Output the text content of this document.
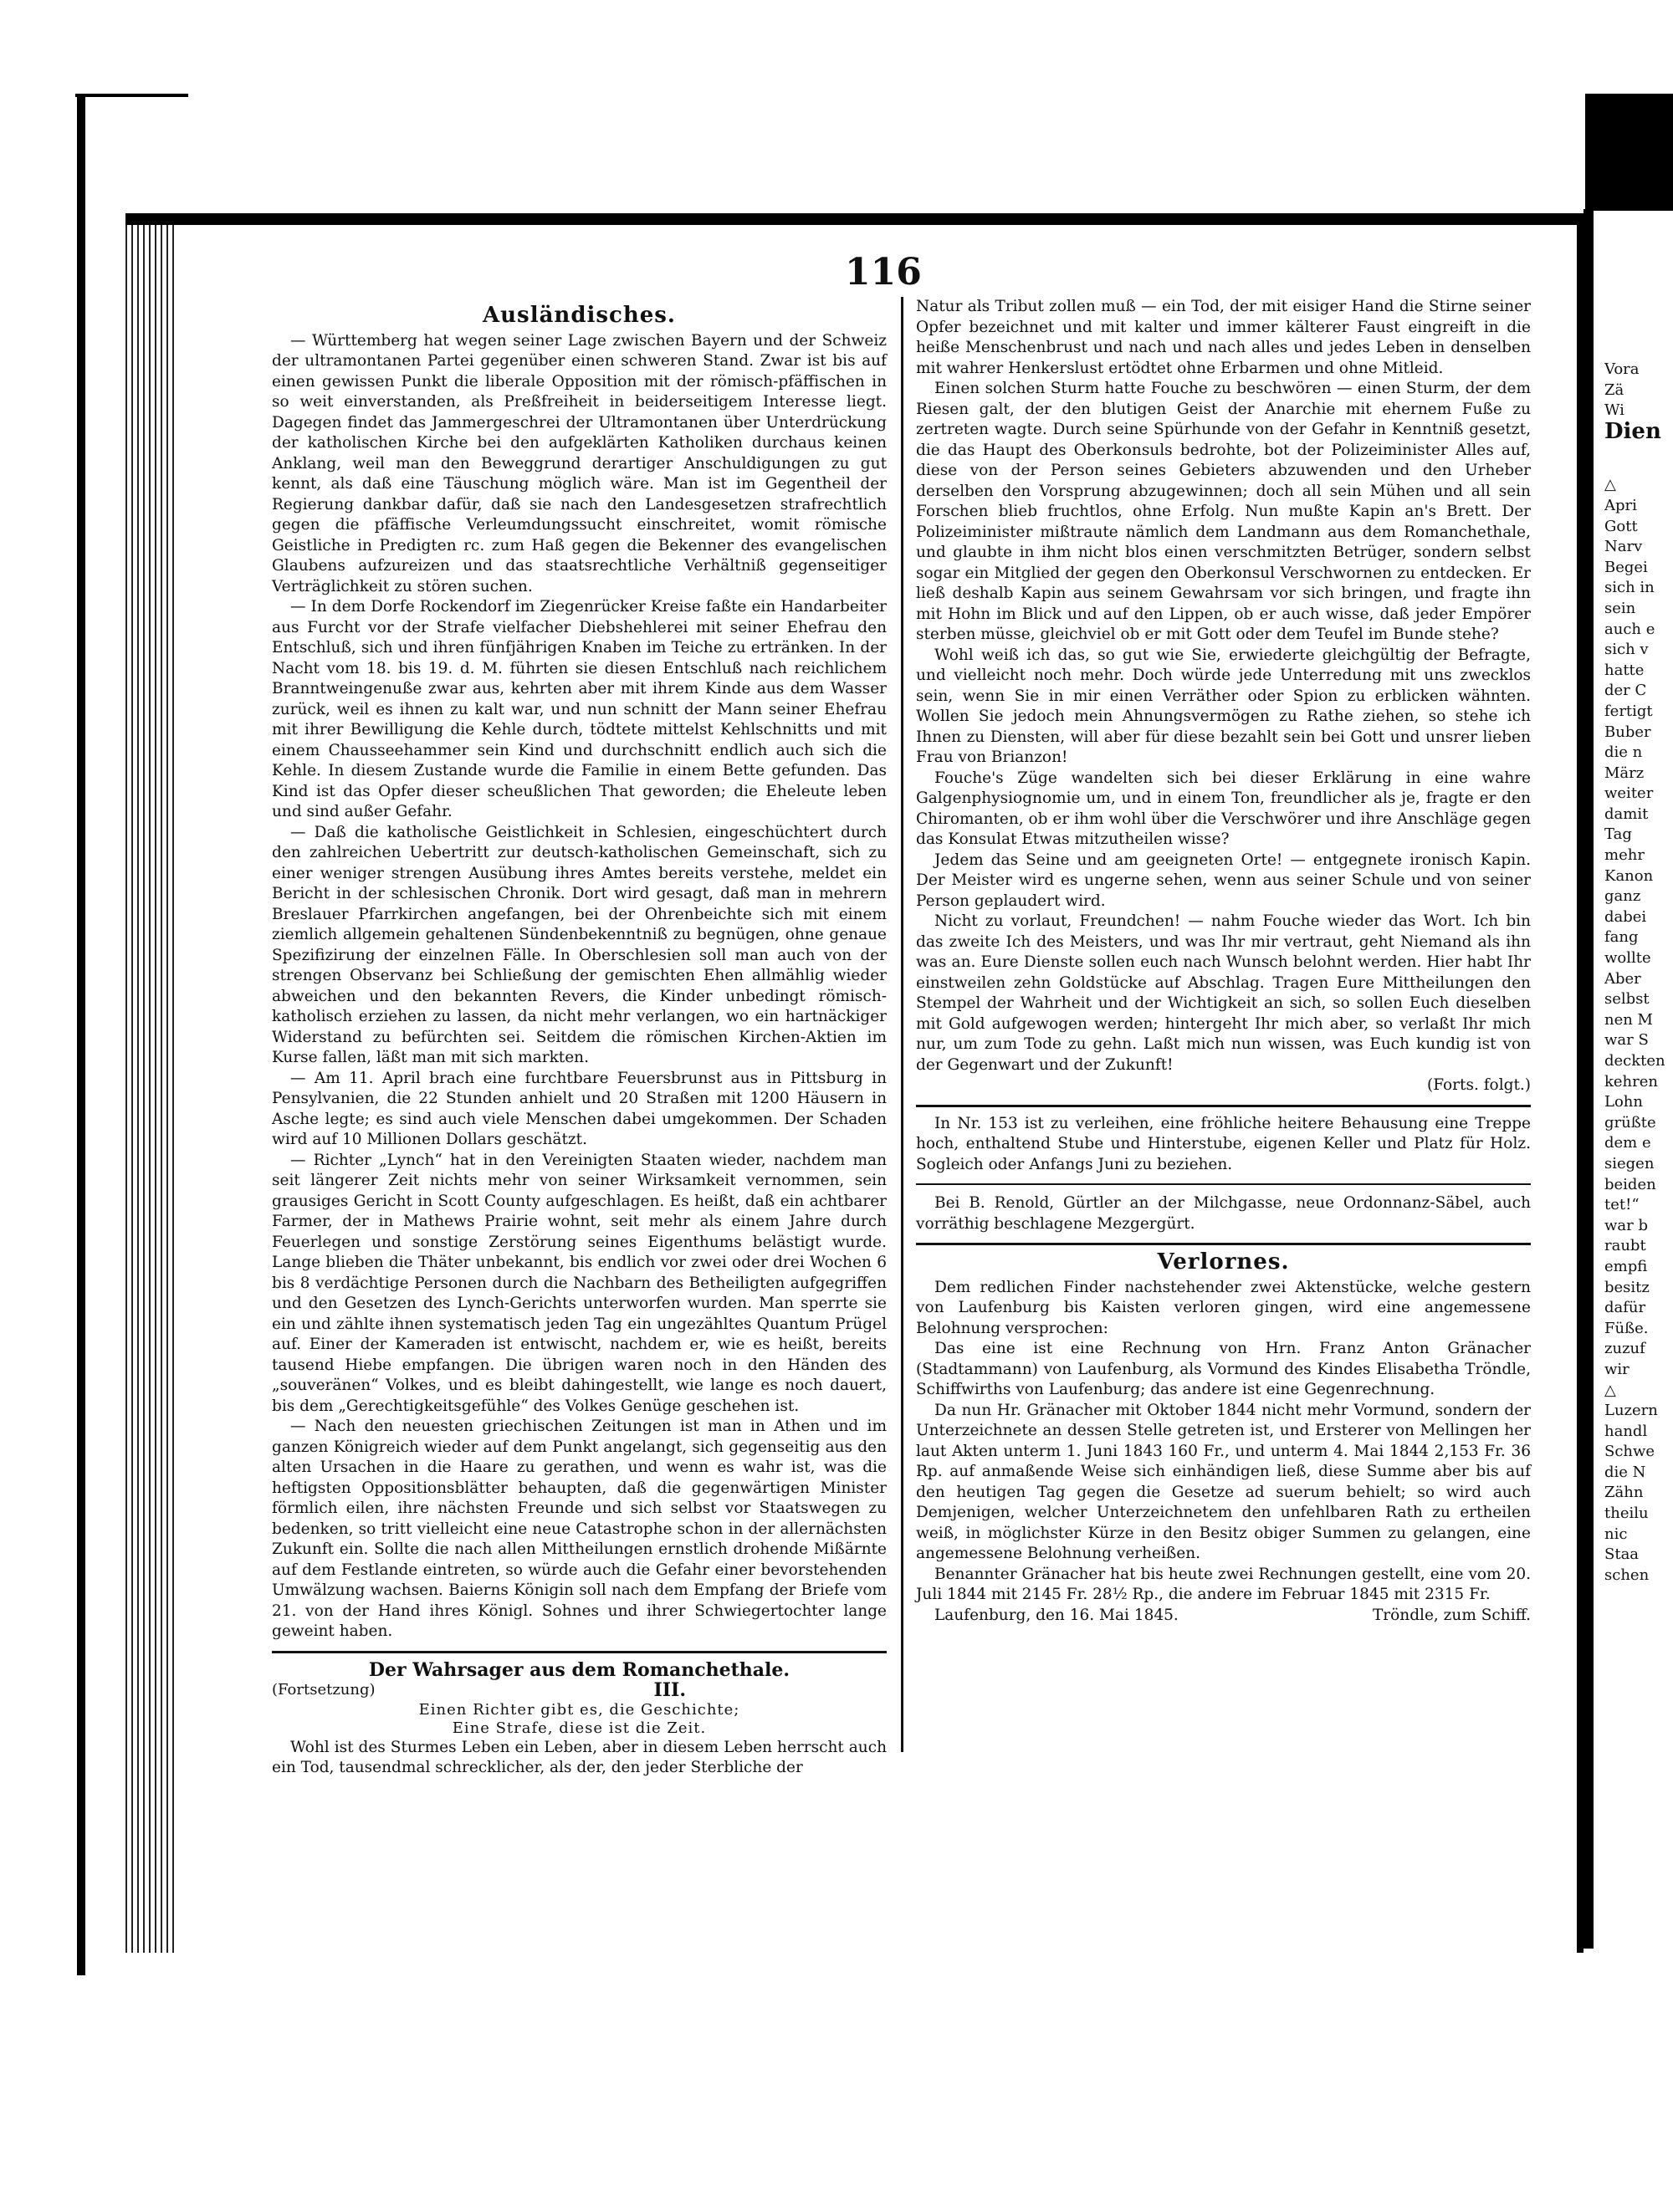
116
Ausländisches.

— Württemberg hat wegen seiner Lage zwischen Bayern und der Schweiz der ultramontanen Partei gegenüber einen schweren Stand. Zwar ist bis auf einen gewissen Punkt die liberale Opposition mit der römisch-pfäffischen in so weit einverstanden, als Preßfreiheit in beiderseitigem Interesse liegt. Dagegen findet das Jammergeschrei der Ultramontanen über Unterdrückung der katholischen Kirche bei den aufgeklärten Katholiken durchaus keinen Anklang, weil man den Beweggrund derartiger Anschuldigungen zu gut kennt, als daß eine Täuschung möglich wäre. Man ist im Gegentheil der Regierung dankbar dafür, daß sie nach den Landesgesetzen strafrechtlich gegen die pfäffische Verleumdungssucht einschreitet, womit römische Geistliche in Predigten rc. zum Haß gegen die Bekenner des evangelischen Glaubens aufzureizen und das staatsrechtliche Verhältniß gegenseitiger Verträglichkeit zu stören suchen.

— In dem Dorfe Rockendorf im Ziegenrücker Kreise faßte ein Handarbeiter aus Furcht vor der Strafe vielfacher Diebshehlerei mit seiner Ehefrau den Entschluß, sich und ihren fünfjährigen Knaben im Teiche zu ertränken. In der Nacht vom 18. bis 19. d. M. führten sie diesen Entschluß nach reichlichem Branntweingenuße zwar aus, kehrten aber mit ihrem Kinde aus dem Wasser zurück, weil es ihnen zu kalt war, und nun schnitt der Mann seiner Ehefrau mit ihrer Bewilligung die Kehle durch, tödtete mittelst Kehlschnitts und mit einem Chausseehammer sein Kind und durchschnitt endlich auch sich die Kehle. In diesem Zustande wurde die Familie in einem Bette gefunden. Das Kind ist das Opfer dieser scheußlichen That geworden; die Eheleute leben und sind außer Gefahr.

— Daß die katholische Geistlichkeit in Schlesien, eingeschüchtert durch den zahlreichen Uebertritt zur deutsch-katholischen Gemeinschaft, sich zu einer weniger strengen Ausübung ihres Amtes bereits verstehe, meldet ein Bericht in der schlesischen Chronik. Dort wird gesagt, daß man in mehrern Breslauer Pfarrkirchen angefangen, bei der Ohrenbeichte sich mit einem ziemlich allgemein gehaltenen Sündenbekenntniß zu begnügen, ohne genaue Spezifizirung der einzelnen Fälle. In Oberschlesien soll man auch von der strengen Observanz bei Schließung der gemischten Ehen allmählig wieder abweichen und den bekannten Revers, die Kinder unbedingt römisch-katholisch erziehen zu lassen, da nicht mehr verlangen, wo ein hartnäckiger Widerstand zu befürchten sei. Seitdem die römischen Kirchen-Aktien im Kurse fallen, läßt man mit sich markten.

— Am 11. April brach eine furchtbare Feuersbrunst aus in Pittsburg in Pensylvanien, die 22 Stunden anhielt und 20 Straßen mit 1200 Häusern in Asche legte; es sind auch viele Menschen dabei umgekommen. Der Schaden wird auf 10 Millionen Dollars geschätzt.

— Richter „Lynch“ hat in den Vereinigten Staaten wieder, nachdem man seit längerer Zeit nichts mehr von seiner Wirksamkeit vernommen, sein grausiges Gericht in Scott County aufgeschlagen. Es heißt, daß ein achtbarer Farmer, der in Mathews Prairie wohnt, seit mehr als einem Jahre durch Feuerlegen und sonstige Zerstörung seines Eigenthums belästigt wurde. Lange blieben die Thäter unbekannt, bis endlich vor zwei oder drei Wochen 6 bis 8 verdächtige Personen durch die Nachbarn des Betheiligten aufgegriffen und den Gesetzen des Lynch-Gerichts unterworfen wurden. Man sperrte sie ein und zählte ihnen systematisch jeden Tag ein ungezähltes Quantum Prügel auf. Einer der Kameraden ist entwischt, nachdem er, wie es heißt, bereits tausend Hiebe empfangen. Die übrigen waren noch in den Händen des „souveränen“ Volkes, und es bleibt dahingestellt, wie lange es noch dauert, bis dem „Gerechtigkeitsgefühle“ des Volkes Genüge geschehen ist.

— Nach den neuesten griechischen Zeitungen ist man in Athen und im ganzen Königreich wieder auf dem Punkt angelangt, sich gegenseitig aus den alten Ursachen in die Haare zu gerathen, und wenn es wahr ist, was die heftigsten Oppositionsblätter behaupten, daß die gegenwärtigen Minister förmlich eilen, ihre nächsten Freunde und sich selbst vor Staatswegen zu bedenken, so tritt vielleicht eine neue Catastrophe schon in der allernächsten Zukunft ein. Sollte die nach allen Mittheilungen ernstlich drohende Mißärnte auf dem Festlande eintreten, so würde auch die Gefahr einer bevorstehenden Umwälzung wachsen. Baierns Königin soll nach dem Empfang der Briefe vom 21. von der Hand ihres Königl. Sohnes und ihrer Schwiegertochter lange geweint haben.

Der Wahrsager aus dem Romanchethale.
(Fortsetzung)	III.
Einen Richter gibt es, die Geschichte;
Eine Strafe, diese ist die Zeit.

Wohl ist des Sturmes Leben ein Leben, aber in diesem Leben herrscht auch ein Tod, tausendmal schrecklicher, als der, den jeder Sterbliche der

Natur als Tribut zollen muß — ein Tod, der mit eisiger Hand die Stirne seiner Opfer bezeichnet und mit kalter und immer kälterer Faust eingreift in die heiße Menschenbrust und nach und nach alles und jedes Leben in denselben mit wahrer Henkerslust ertödtet ohne Erbarmen und ohne Mitleid.

Einen solchen Sturm hatte Fouche zu beschwören — einen Sturm, der dem Riesen galt, der den blutigen Geist der Anarchie mit ehernem Fuße zu zertreten wagte. Durch seine Spürhunde von der Gefahr in Kenntniß gesetzt, die das Haupt des Oberkonsuls bedrohte, bot der Polizeiminister Alles auf, diese von der Person seines Gebieters abzuwenden und den Urheber derselben den Vorsprung abzugewinnen; doch all sein Mühen und all sein Forschen blieb fruchtlos, ohne Erfolg. Nun mußte Kapin an's Brett. Der Polizeiminister mißtraute nämlich dem Landmann aus dem Romanchethale, und glaubte in ihm nicht blos einen verschmitzten Betrüger, sondern selbst sogar ein Mitglied der gegen den Oberkonsul Verschwornen zu entdecken. Er ließ deshalb Kapin aus seinem Gewahrsam vor sich bringen, und fragte ihn mit Hohn im Blick und auf den Lippen, ob er auch wisse, daß jeder Empörer sterben müsse, gleichviel ob er mit Gott oder dem Teufel im Bunde stehe?

Wohl weiß ich das, so gut wie Sie, erwiederte gleichgültig der Befragte, und vielleicht noch mehr. Doch würde jede Unterredung mit uns zwecklos sein, wenn Sie in mir einen Verräther oder Spion zu erblicken wähnten. Wollen Sie jedoch mein Ahnungsvermögen zu Rathe ziehen, so stehe ich Ihnen zu Diensten, will aber für diese bezahlt sein bei Gott und unsrer lieben Frau von Brianzon!

Fouche's Züge wandelten sich bei dieser Erklärung in eine wahre Galgenphysiognomie um, und in einem Ton, freundlicher als je, fragte er den Chiromanten, ob er ihm wohl über die Verschwörer und ihre Anschläge gegen das Konsulat Etwas mitzutheilen wisse?

Jedem das Seine und am geeigneten Orte! — entgegnete ironisch Kapin. Der Meister wird es ungerne sehen, wenn aus seiner Schule und von seiner Person geplaudert wird.

Nicht zu vorlaut, Freundchen! — nahm Fouche wieder das Wort. Ich bin das zweite Ich des Meisters, und was Ihr mir vertraut, geht Niemand als ihn was an. Eure Dienste sollen euch nach Wunsch belohnt werden. Hier habt Ihr einstweilen zehn Goldstücke auf Abschlag. Tragen Eure Mittheilungen den Stempel der Wahrheit und der Wichtigkeit an sich, so sollen Euch dieselben mit Gold aufgewogen werden; hintergeht Ihr mich aber, so verlaßt Ihr mich nur, um zum Tode zu gehn. Laßt mich nun wissen, was Euch kundig ist von der Gegenwart und der Zukunft!

(Forts. folgt.)

In Nr. 153 ist zu verleihen, eine fröhliche heitere Behausung eine Treppe hoch, enthaltend Stube und Hinterstube, eigenen Keller und Platz für Holz. Sogleich oder Anfangs Juni zu beziehen.

Bei B. Renold, Gürtler an der Milchgasse, neue Ordonnanz-Säbel, auch vorräthig beschlagene Mezgergürt.

Verlornes.

Dem redlichen Finder nachstehender zwei Aktenstücke, welche gestern von Laufenburg bis Kaisten verloren gingen, wird eine angemessene Belohnung versprochen:

Das eine ist eine Rechnung von Hrn. Franz Anton Gränacher (Stadtammann) von Laufenburg, als Vormund des Kindes Elisabetha Tröndle, Schiffwirths von Laufenburg; das andere ist eine Gegenrechnung.

Da nun Hr. Gränacher mit Oktober 1844 nicht mehr Vormund, sondern der Unterzeichnete an dessen Stelle getreten ist, und Ersterer von Mellingen her laut Akten unterm 1. Juni 1843 160 Fr., und unterm 4. Mai 1844 2,153 Fr. 36 Rp. auf anmaßende Weise sich einhändigen ließ, diese Summe aber bis auf den heutigen Tag gegen die Gesetze ad suerum behielt; so wird auch Demjenigen, welcher Unterzeichnetem den unfehlbaren Rath zu ertheilen weiß, in möglichster Kürze in den Besitz obiger Summen zu gelangen, eine angemessene Belohnung verheißen.

Benannter Gränacher hat bis heute zwei Rechnungen gestellt, eine vom 20. Juli 1844 mit 2145 Fr. 28½ Rp., die andere im Februar 1845 mit 2315 Fr.

Laufenburg, den 16. Mai 1845.	Tröndle, zum Schiff.
Vora
Zä
Wi
Dien
△
Apri
Gott
Narv
Begei
sich in
sein
auch e
sich v
hatte
der C
fertigt
Buber
die n
März
weiter
damit
Tag
mehr
Kanon
ganz
dabei
fang
wollte
Aber
selbst
nen M
war S
deckten
kehren
Lohn
grüßte
dem e
siegen
beiden
tet!“
war b
raubt
empfi
besitz
dafür
Füße.
zuzuf
wir
△
Luzern
handl
Schwe
die N
Zähn
theilu
nic
Staa
schen
